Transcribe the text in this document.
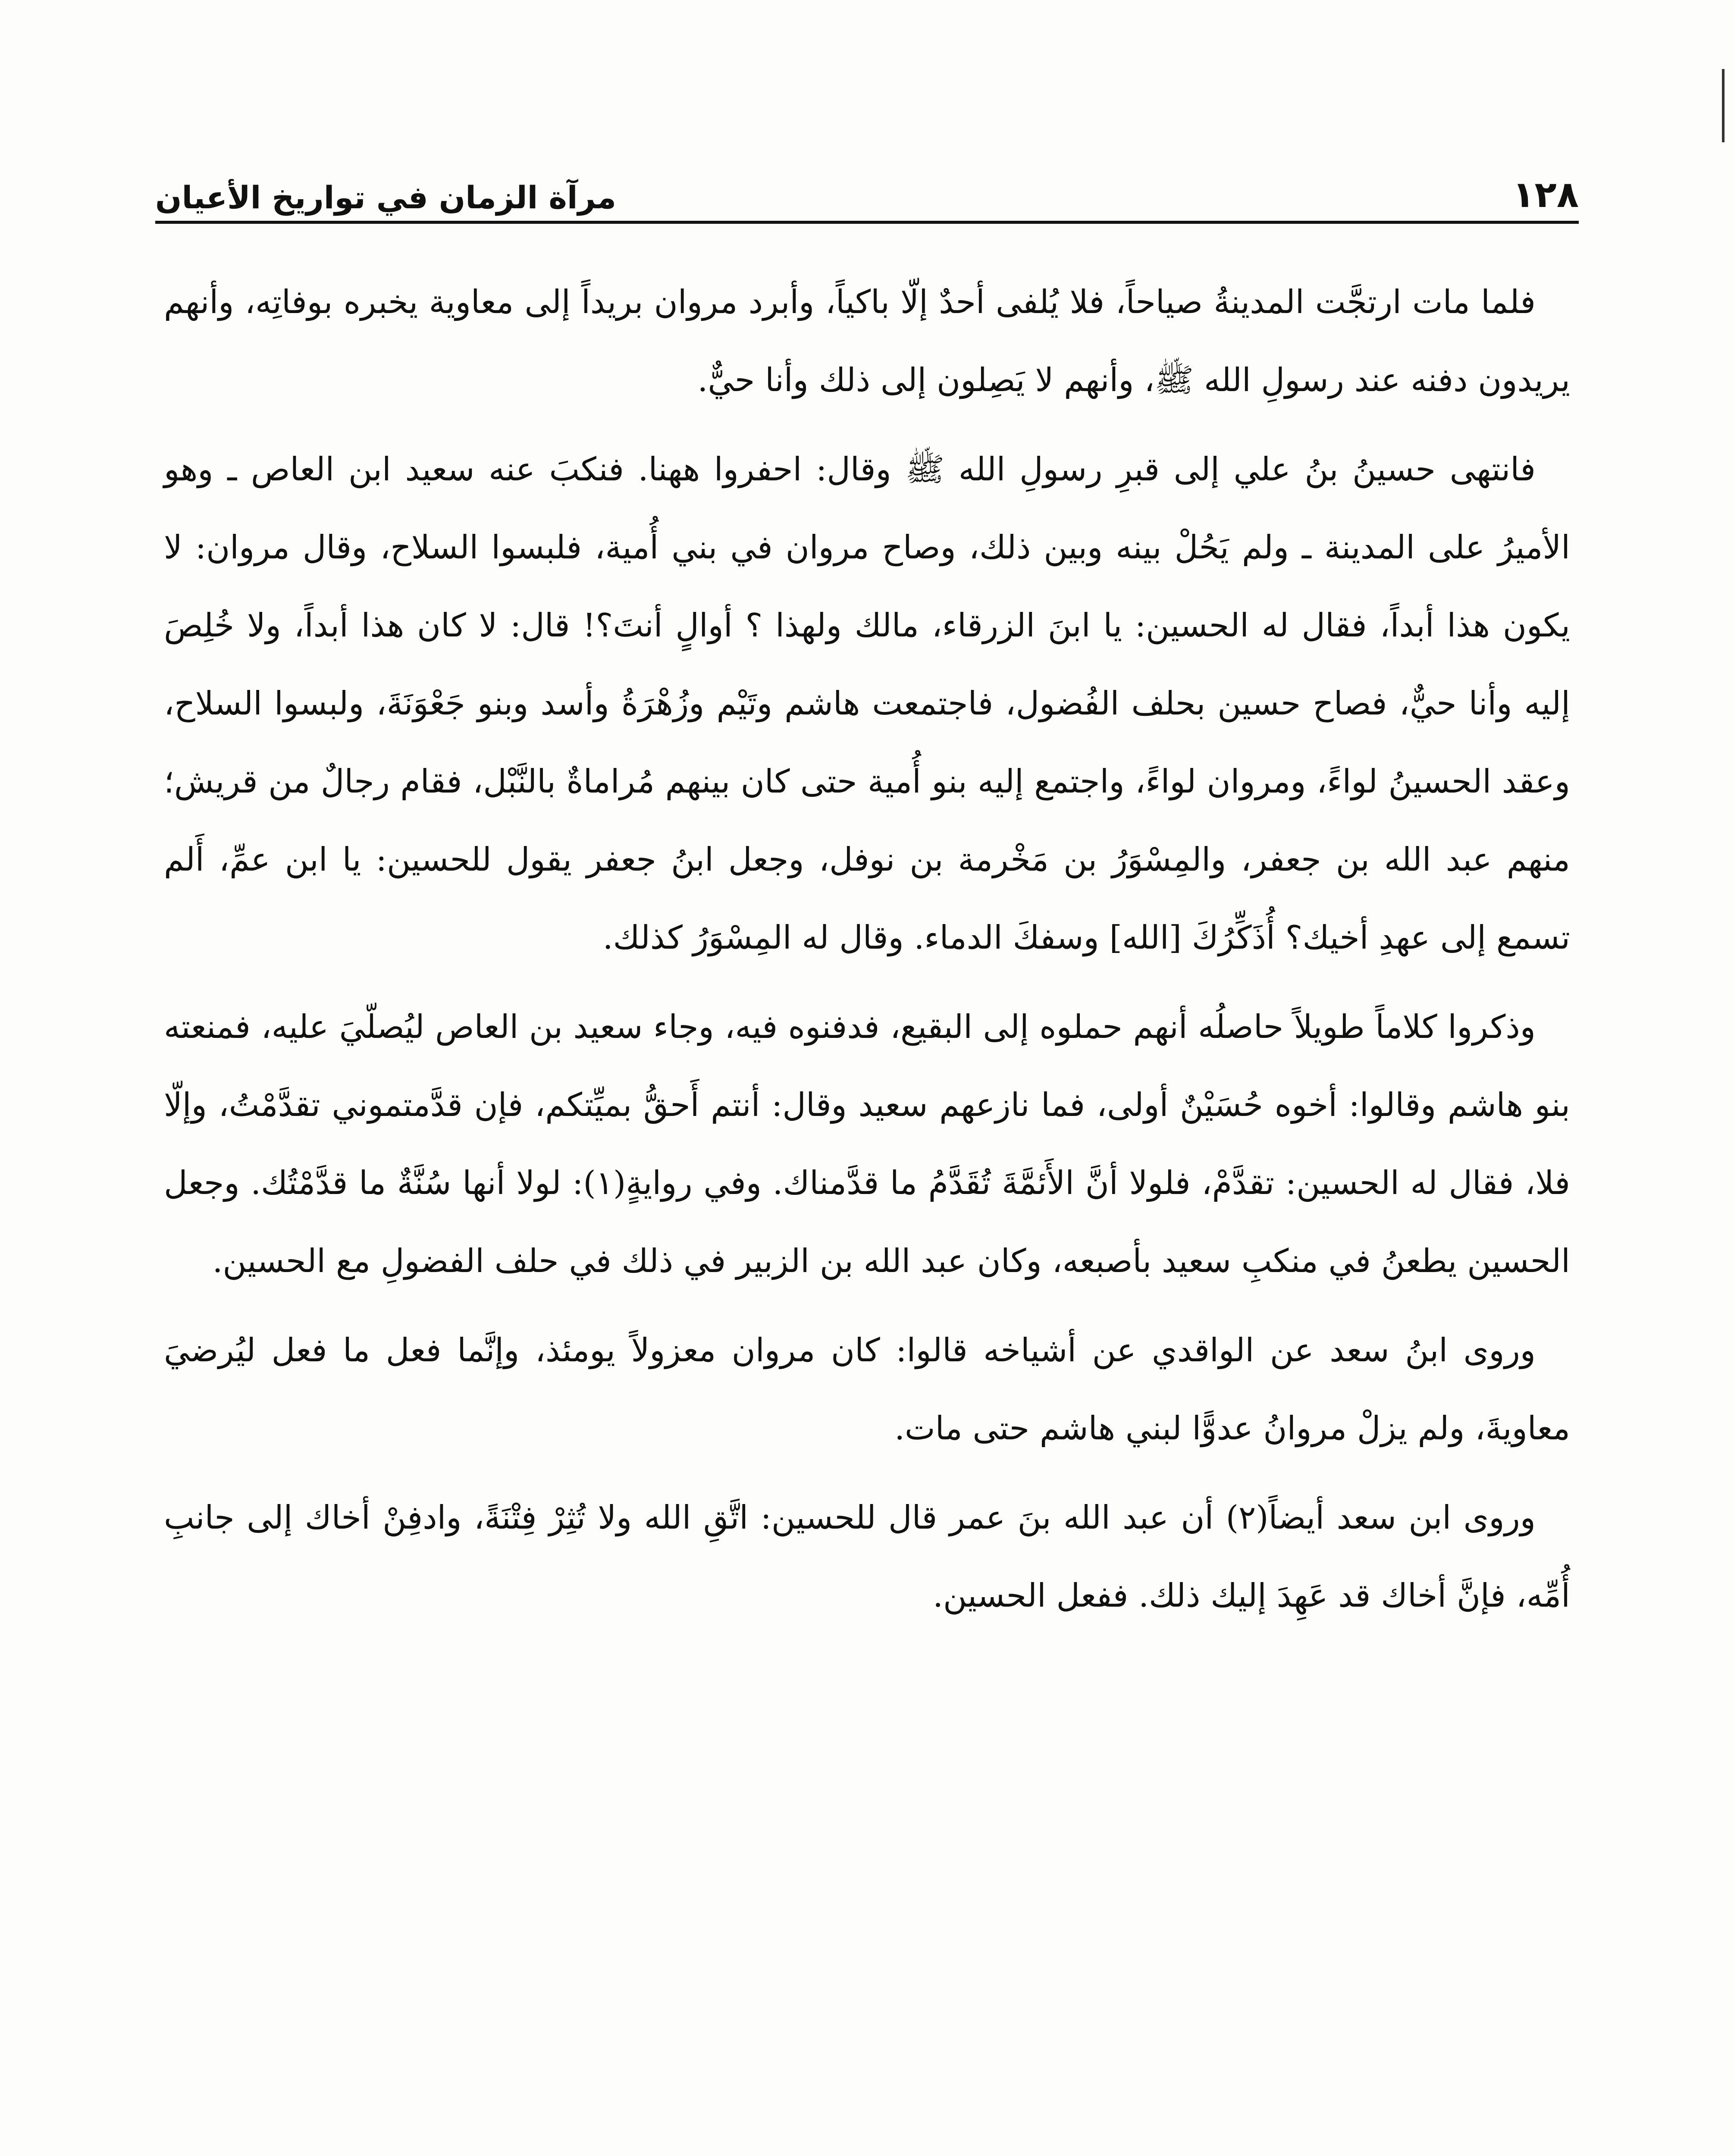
١٢٨
مرآة الزمان في تواريخ الأعيان

فلما مات ارتجَّت المدينةُ صياحاً، فلا يُلفى أحدٌ إلّا باكياً، وأبرد مروان بريداً إلى معاوية يخبره بوفاتِه، وأنهم يريدون دفنه عند رسولِ الله ﷺ، وأنهم لا يَصِلون إلى ذلك وأنا حيٌّ.

فانتهى حسينُ بنُ علي إلى قبرِ رسولِ الله ﷺ وقال: احفروا ههنا. فنكبَ عنه سعيد ابن العاص ـ وهو الأميرُ على المدينة ـ ولم يَحُلْ بينه وبين ذلك، وصاح مروان في بني أُمية، فلبسوا السلاح، وقال مروان: لا يكون هذا أبداً، فقال له الحسين: يا ابنَ الزرقاء، مالك ولهذا ؟ أوالٍ أنتَ؟! قال: لا كان هذا أبداً، ولا خُلِصَ إليه وأنا حيٌّ، فصاح حسين بحلف الفُضول، فاجتمعت هاشم وتَيْم وزُهْرَةُ وأسد وبنو جَعْوَنَةَ، ولبسوا السلاح، وعقد الحسينُ لواءً، ومروان لواءً، واجتمع إليه بنو أُمية حتى كان بينهم مُراماةٌ بالنَّبْل، فقام رجالٌ من قريش؛ منهم عبد الله بن جعفر، والمِسْوَرُ بن مَخْرمة بن نوفل، وجعل ابنُ جعفر يقول للحسين: يا ابن عمِّ، أَلم تسمع إلى عهدِ أخيك؟ أُذَكِّرُكَ [الله] وسفكَ الدماء. وقال له المِسْوَرُ كذلك.

وذكروا كلاماً طويلاً حاصلُه أنهم حملوه إلى البقيع، فدفنوه فيه، وجاء سعيد بن العاص ليُصلّيَ عليه، فمنعته بنو هاشم وقالوا: أخوه حُسَيْنٌ أولى، فما نازعهم سعيد وقال: أنتم أَحقُّ بميِّتكم، فإن قدَّمتموني تقدَّمْتُ، وإلّا فلا، فقال له الحسين: تقدَّمْ، فلولا أنَّ الأَئمَّةَ تُقَدَّمُ ما قدَّمناك. وفي روايةٍ(١): لولا أنها سُنَّةٌ ما قدَّمْتُك. وجعل الحسين يطعنُ في منكبِ سعيد بأصبعه، وكان عبد الله بن الزبير في ذلك في حلف الفضولِ مع الحسين.

وروى ابنُ سعد عن الواقدي عن أشياخه قالوا: كان مروان معزولاً يومئذ، وإنَّما فعل ما فعل ليُرضيَ معاويةَ، ولم يزلْ مروانُ عدوًّا لبني هاشم حتى مات.

وروى ابن سعد أيضاً(٢) أن عبد الله بنَ عمر قال للحسين: اتَّقِ الله ولا تُثِرْ فِتْنَةً، وادفِنْ أخاك إلى جانبِ أُمِّه، فإنَّ أخاك قد عَهِدَ إليك ذلك. ففعل الحسين.
